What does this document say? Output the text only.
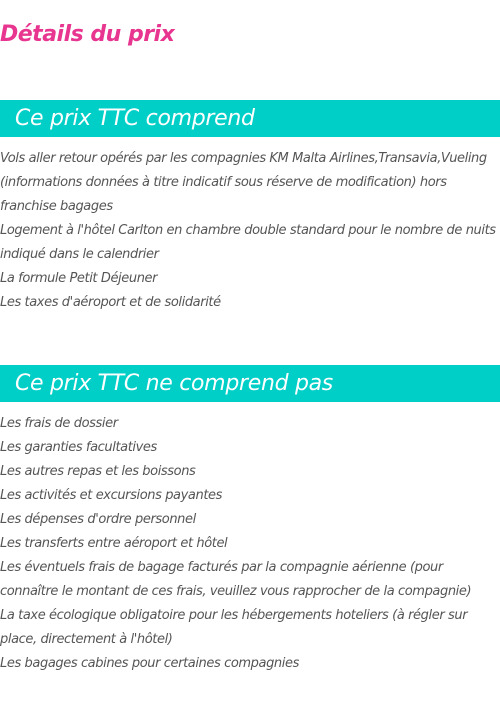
Détails du prix
Ce prix TTC comprend
Vols aller retour opérés par les compagnies KM Malta Airlines,Transavia,Vueling (informations données à titre indicatif sous réserve de modification) hors franchise bagages
Logement à l'hôtel Carlton en chambre double standard pour le nombre de nuits indiqué dans le calendrier
La formule Petit Déjeuner
Les taxes d'aéroport et de solidarité
Ce prix TTC ne comprend pas
Les frais de dossier
Les garanties facultatives
Les autres repas et les boissons
Les activités et excursions payantes
Les dépenses d'ordre personnel
Les transferts entre aéroport et hôtel
Les éventuels frais de bagage facturés par la compagnie aérienne (pour connaître le montant de ces frais, veuillez vous rapprocher de la compagnie)
La taxe écologique obligatoire pour les hébergements hoteliers (à régler sur place, directement à l'hôtel)
Les bagages cabines pour certaines compagnies
